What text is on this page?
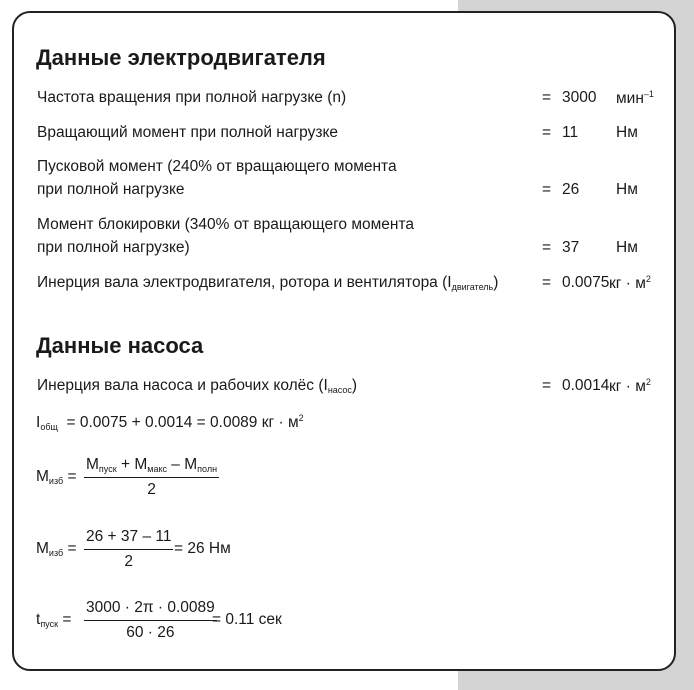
Данные электродвигателя
Частота вращения при полной нагрузке (n)	= 3000 мин$^{-1}$
Вращающий момент при полной нагрузке	= 11 Нм
Пусковой момент (240% от вращающего момента
при полной нагрузке	= 26 Нм
Момент блокировки (340% от вращающего момента
при полной нагрузке)	= 37 Нм
Инерция вала электродвигателя, ротора и вентилятора $(I_{двигатель})$	= 0.0075 кг · $м^2$
Данные насоса
Инерция вала насоса и рабочих колёс $(I_{насос})$	= 0.0014 кг · $м^2$
$I_{общ} = 0.0075 + 0.0014 = 0.0089$ кг · $м^2$
$M_{изб}$ =
$M_{пуск} + M_{макс} - M_{полн}$
2
$M_{изб} = \frac{26 + 37 - 11}{2} = 26$ Нм
$t_{пуск} = \frac{3000 \cdot 2\pi \cdot 0.0089}{60 \cdot 26}$
= 0.11 сек
